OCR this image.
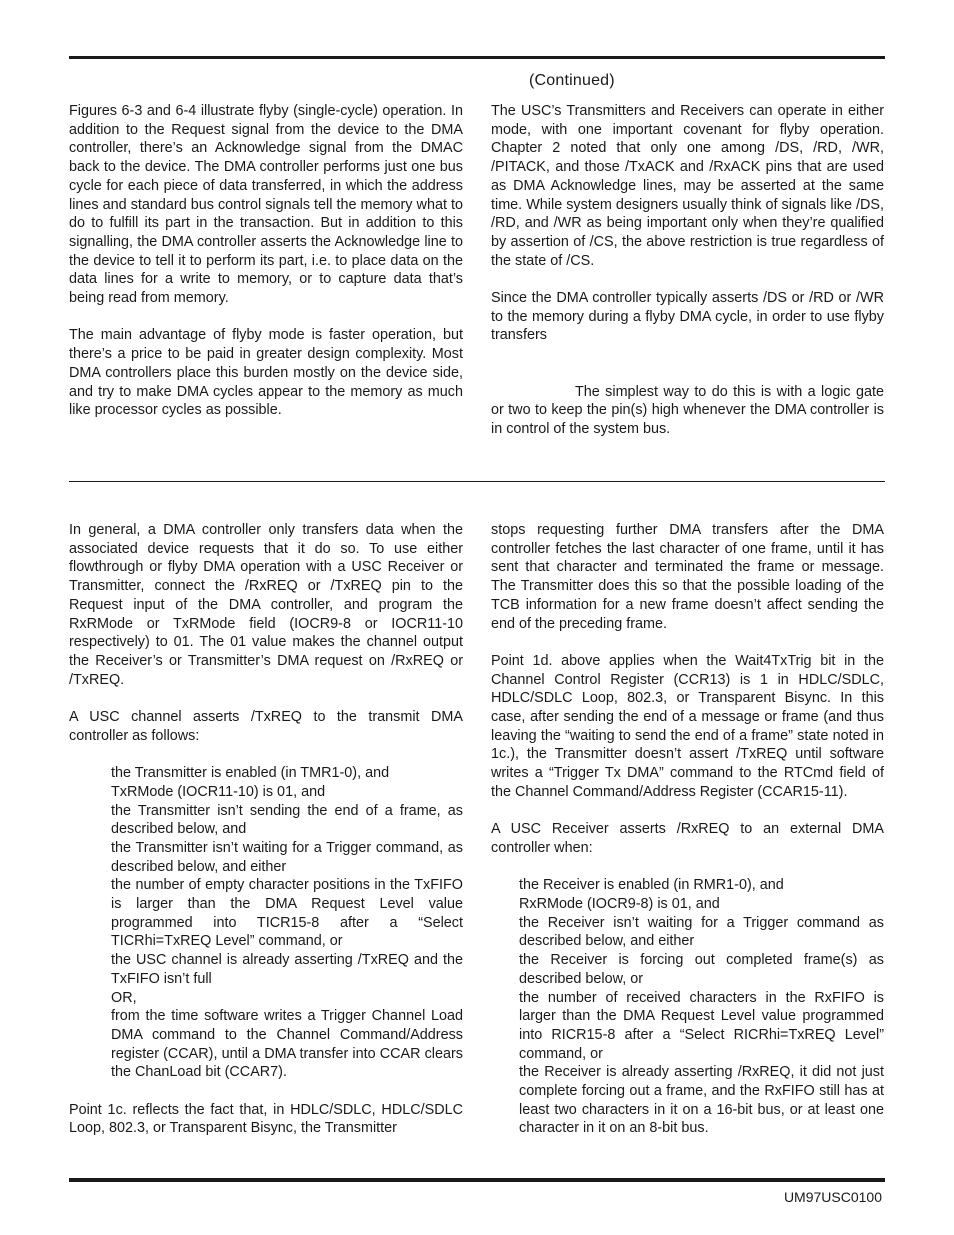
(Continued)

Figures 6-3 and 6-4 illustrate flyby (single-cycle) operation. In addition to the Request signal from the device to the DMA controller, there’s an Acknowledge signal from the DMAC back to the device. The DMA controller performs just one bus cycle for each piece of data transferred, in which the address lines and standard bus control signals tell the memory what to do to fulfill its part in the transaction. But in addition to this signalling, the DMA controller asserts the Acknowledge line to the device to tell it to perform its part, i.e. to place data on the data lines for a write to memory, or to capture data that’s being read from memory.

The main advantage of flyby mode is faster operation, but there’s a price to be paid in greater design complexity. Most DMA controllers place this burden mostly on the device side, and try to make DMA cycles appear to the memory as much like processor cycles as possible.

The USC’s Transmitters and Receivers can operate in either mode, with one important covenant for flyby operation. Chapter 2 noted that only one among /DS, /RD, /WR, /PITACK, and those /TxACK and /RxACK pins that are used as DMA Acknowledge lines, may be asserted at the same time. While system designers usually think of signals like /DS, /RD, and /WR as being important only when they’re qualified by assertion of /CS, the above restriction is true regardless of the state of /CS.

Since the DMA controller typically asserts /DS or /RD or /WR to the memory during a flyby DMA cycle, in order to use flyby transfers

The simplest way to do this is with a logic gate or two to keep the pin(s) high whenever the DMA controller is in control of the system bus.

In general, a DMA controller only transfers data when the associated device requests that it do so. To use either flowthrough or flyby DMA operation with a USC Receiver or Transmitter, connect the /RxREQ or /TxREQ pin to the Request input of the DMA controller, and program the RxRMode or TxRMode field (IOCR9-8 or IOCR11-10 respectively) to 01. The 01 value makes the channel output the Receiver’s or Transmitter’s DMA request on /RxREQ or /TxREQ.

A USC channel asserts /TxREQ to the transmit DMA controller as follows:

the Transmitter is enabled (in TMR1-0), and

TxRMode (IOCR11-10) is 01, and

the Transmitter isn’t sending the end of a frame, as described below, and

the Transmitter isn’t waiting for a Trigger command, as described below, and either

the number of empty character positions in the TxFIFO is larger than the DMA Request Level value programmed into TICR15-8 after a “Select TICRhi=TxREQ Level” command, or

the USC channel is already asserting /TxREQ and the TxFIFO isn’t full

OR,

from the time software writes a Trigger Channel Load DMA command to the Channel Command/Address register (CCAR), until a DMA transfer into CCAR clears the ChanLoad bit (CCAR7).

Point 1c. reflects the fact that, in HDLC/SDLC, HDLC/SDLC Loop, 802.3, or Transparent Bisync, the Transmitter

stops requesting further DMA transfers after the DMA controller fetches the last character of one frame, until it has sent that character and terminated the frame or message. The Transmitter does this so that the possible loading of the TCB information for a new frame doesn’t affect sending the end of the preceding frame.

Point 1d. above applies when the Wait4TxTrig bit in the Channel Control Register (CCR13) is 1 in HDLC/SDLC, HDLC/SDLC Loop, 802.3, or Transparent Bisync. In this case, after sending the end of a message or frame (and thus leaving the “waiting to send the end of a frame” state noted in 1c.), the Transmitter doesn’t assert /TxREQ until software writes a “Trigger Tx DMA” command to the RTCmd field of the Channel Command/Address Register (CCAR15-11).

A USC Receiver asserts /RxREQ to an external DMA controller when:

the Receiver is enabled (in RMR1-0), and

RxRMode (IOCR9-8) is 01, and

the Receiver isn’t waiting for a Trigger command as described below, and either

the Receiver is forcing out completed frame(s) as described below, or

the number of received characters in the RxFIFO is larger than the DMA Request Level value programmed into RICR15-8 after a “Select RICRhi=TxREQ Level” command, or

the Receiver is already asserting /RxREQ, it did not just complete forcing out a frame, and the RxFIFO still has at least two characters in it on a 16-bit bus, or at least one character in it on an 8-bit bus.

UM97USC0100
